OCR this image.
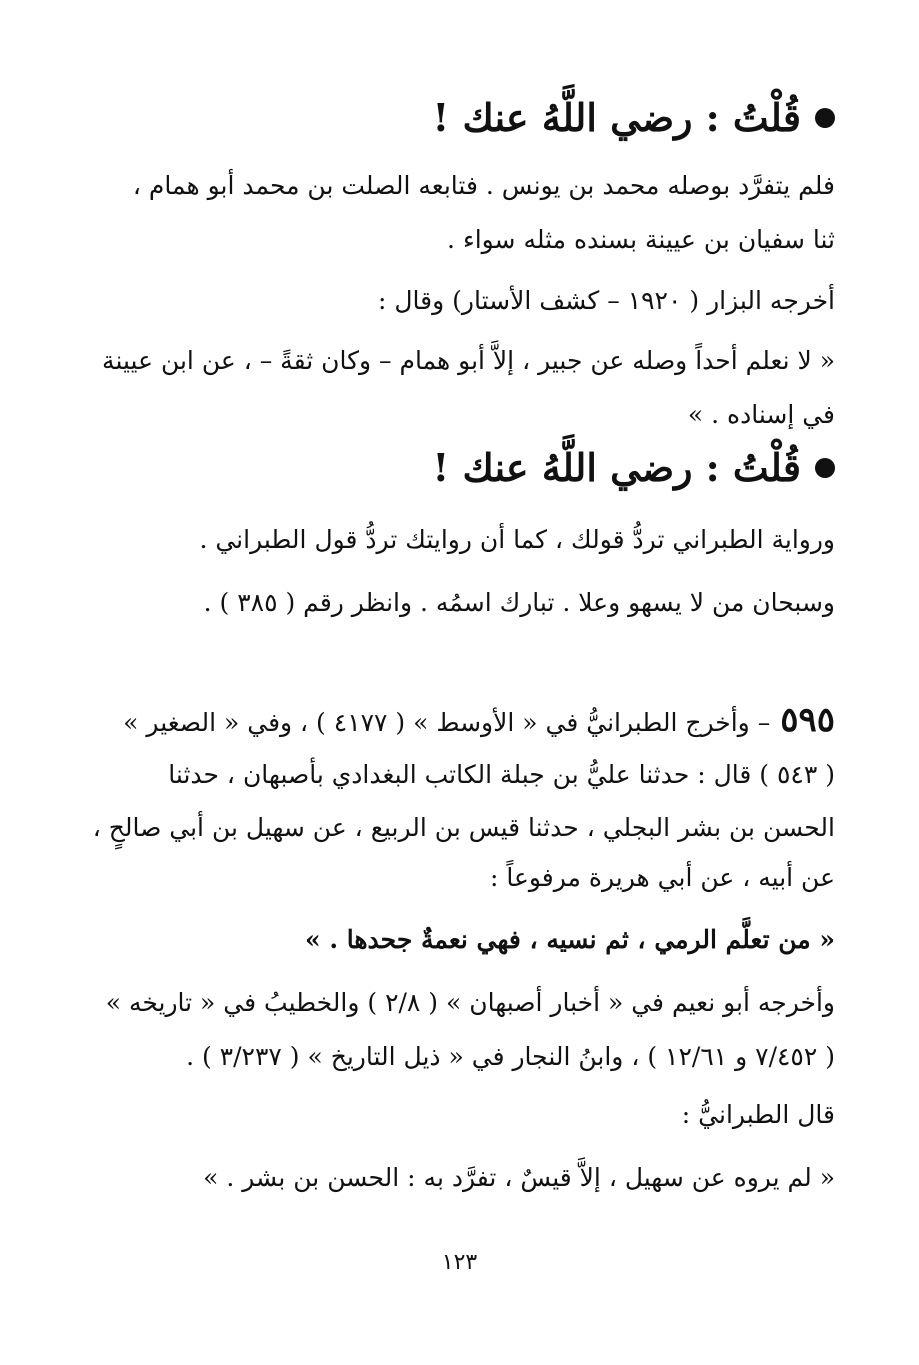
قُلْتُ : رضي اللَّهُ عنك !
فلم يتفرَّد بوصله محمد بن يونس . فتابعه الصلت بن محمد أبو همام ،
ثنا سفيان بن عيينة بسنده مثله سواء .
أخرجه البزار ( ١٩٢٠ – كشف الأستار) وقال :
« لا نعلم أحداً وصله عن جبير ، إلاَّ أبو همام – وكان ثقةً – ، عن ابن عيينة
في إسناده . »
قُلْتُ : رضي اللَّهُ عنك !
ورواية الطبراني تردُّ قولك ، كما أن روايتك تردُّ قول الطبراني .
وسبحان من لا يسهو وعلا . تبارك اسمُه . وانظر رقم ( ٣٨٥ ) .
٥٩٥– وأخرج الطبرانيُّ في « الأوسط » ( ٤١٧٧ ) ، وفي « الصغير »
( ٥٤٣ ) قال : حدثنا عليُّ بن جبلة الكاتب البغدادي بأصبهان ، حدثنا
الحسن بن بشر البجلي ، حدثنا قيس بن الربيع ، عن سهيل بن أبي صالحٍ ،
عن أبيه ، عن أبي هريرة مرفوعاً :
« من تعلَّم الرمي ، ثم نسيه ، فهي نعمةٌ جحدها . »
وأخرجه أبو نعيم في « أخبار أصبهان » ( ٢/٨ ) والخطيبُ في « تاريخه »
( ٧/٤٥٢ و ١٢/٦١ ) ، وابنُ النجار في « ذيل التاريخ » ( ٣/٢٣٧ ) .
قال الطبرانيُّ :
« لم يروه عن سهيل ، إلاَّ قيسٌ ، تفرَّد به : الحسن بن بشر . »
١٢٣
